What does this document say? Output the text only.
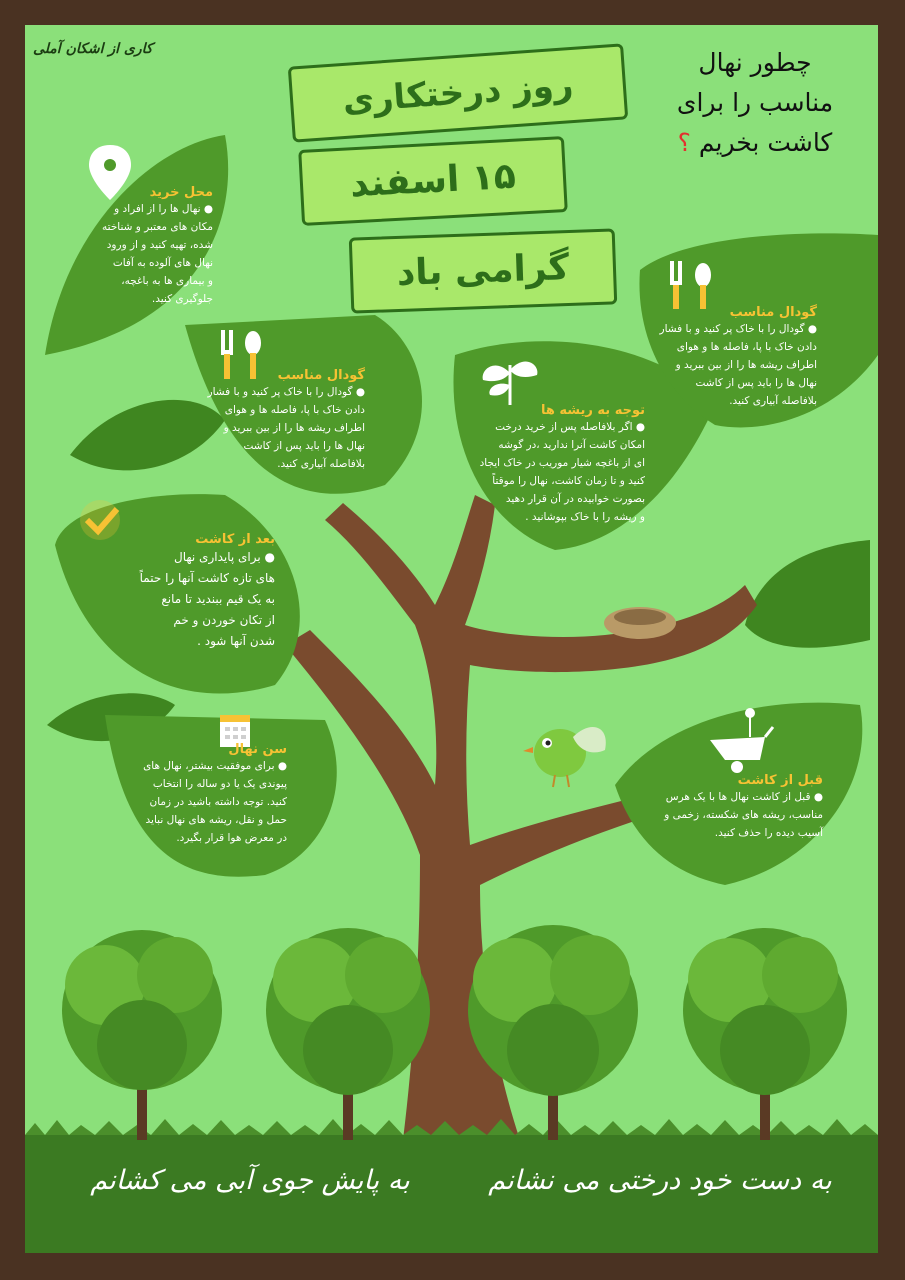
کاری از اشکان آملی
روز درختکاری
۱۵ اسفند
گرامی باد
چطور نهال
مناسب را برای
کاشت بخریم ؟
محل خرید
● نهال ها را از افراد و
مکان های معتبر و شناخته
شده، تهیه کنید و از ورود
نهال های آلوده به آفات
و بیماری ها به باغچه،
جلوگیری کنید.
گودال مناسب
● گودال را با خاک پر کنید و با فشار
دادن خاک با پا، فاصله ها و هوای
اطراف ریشه ها را از بین ببرید و
نهال ها را باید پس از کاشت
بلافاصله آبیاری کنید.
توجه به ریشه ها
● اگر بلافاصله پس از خرید درخت
امکان کاشت آنرا ندارید ،در گوشه
ای از باغچه شیار موریب در خاک ایجاد
کنید و تا زمان کاشت، نهال را موقتاً
بصورت خوابیده در آن قرار دهید
و ریشه را با خاک بپوشانید .
گودال مناسب
● گودال را با خاک پر کنید و با فشار
دادن خاک با پا، فاصله ها و هوای
اطراف ریشه ها را از بین ببرید و
نهال ها را باید پس از کاشت
بلافاصله آبیاری کنید.
بعد از کاشت
● برای پایداری نهال
های تازه کاشت آنها را حتماً
به یک قیم ببندید تا مانع
از تکان خوردن و خم
شدن آنها شود .
سن نهال
● برای موفقیت بیشتر، نهال های
پیوندی یک یا دو ساله را انتخاب
کنید. توجه داشته باشید در زمان
حمل و نقل، ریشه های نهال نباید
در معرض هوا قرار بگیرد.
قبل از کاشت
● قبل از کاشت نهال ها با یک هرس
مناسب، ریشه های شکسته، زخمی و
آسیب دیده را حذف کنید.
به دست خود درختی می نشانم
به پایش جوی آبی می کشانم
